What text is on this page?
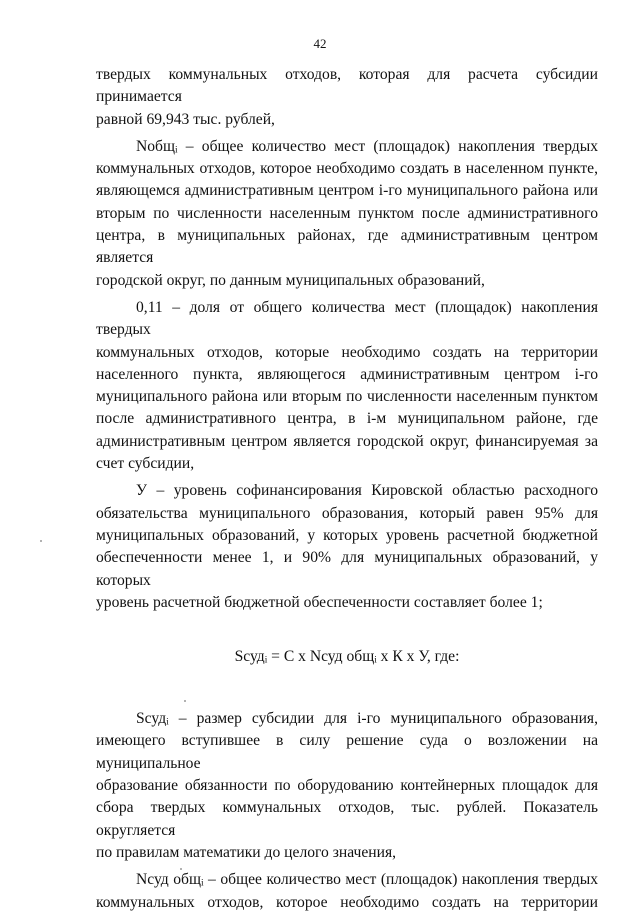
42
твердых коммунальных отходов, которая для расчета субсидии принимается
равной 69,943 тыс. рублей,
Nобщᵢ – общее количество мест (площадок) накопления твердых
коммунальных отходов, которое необходимо создать в населенном пункте,
являющемся административным центром i-го муниципального района или
вторым по численности населенным пунктом после административного
центра, в муниципальных районах, где административным центром является
городской округ, по данным муниципальных образований,
0,11 – доля от общего количества мест (площадок) накопления твердых
коммунальных отходов, которые необходимо создать на территории
населенного пункта, являющегося административным центром i-го
муниципального района или вторым по численности населенным пунктом
после административного центра, в i-м муниципальном районе, где
административным центром является городской округ, финансируемая за
счет субсидии,
У – уровень софинансирования Кировской областью расходного
обязательства муниципального образования, который равен 95% для
муниципальных образований, у которых уровень расчетной бюджетной
обеспеченности менее 1, и 90% для муниципальных образований, у которых
уровень расчетной бюджетной обеспеченности составляет более 1;
Sсудᵢ = C х Nсуд общᵢ х К х У, где:
Sсудᵢ – размер субсидии для i-го муниципального образования,
имеющего вступившее в силу решение суда о возложении на муниципальное
образование обязанности по оборудованию контейнерных площадок для
сбора твердых коммунальных отходов, тыс. рублей. Показатель округляется
по правилам математики до целого значения,
Nсуд общᵢ – общее количество мест (площадок) накопления твердых
коммунальных отходов, которое необходимо создать на территории
